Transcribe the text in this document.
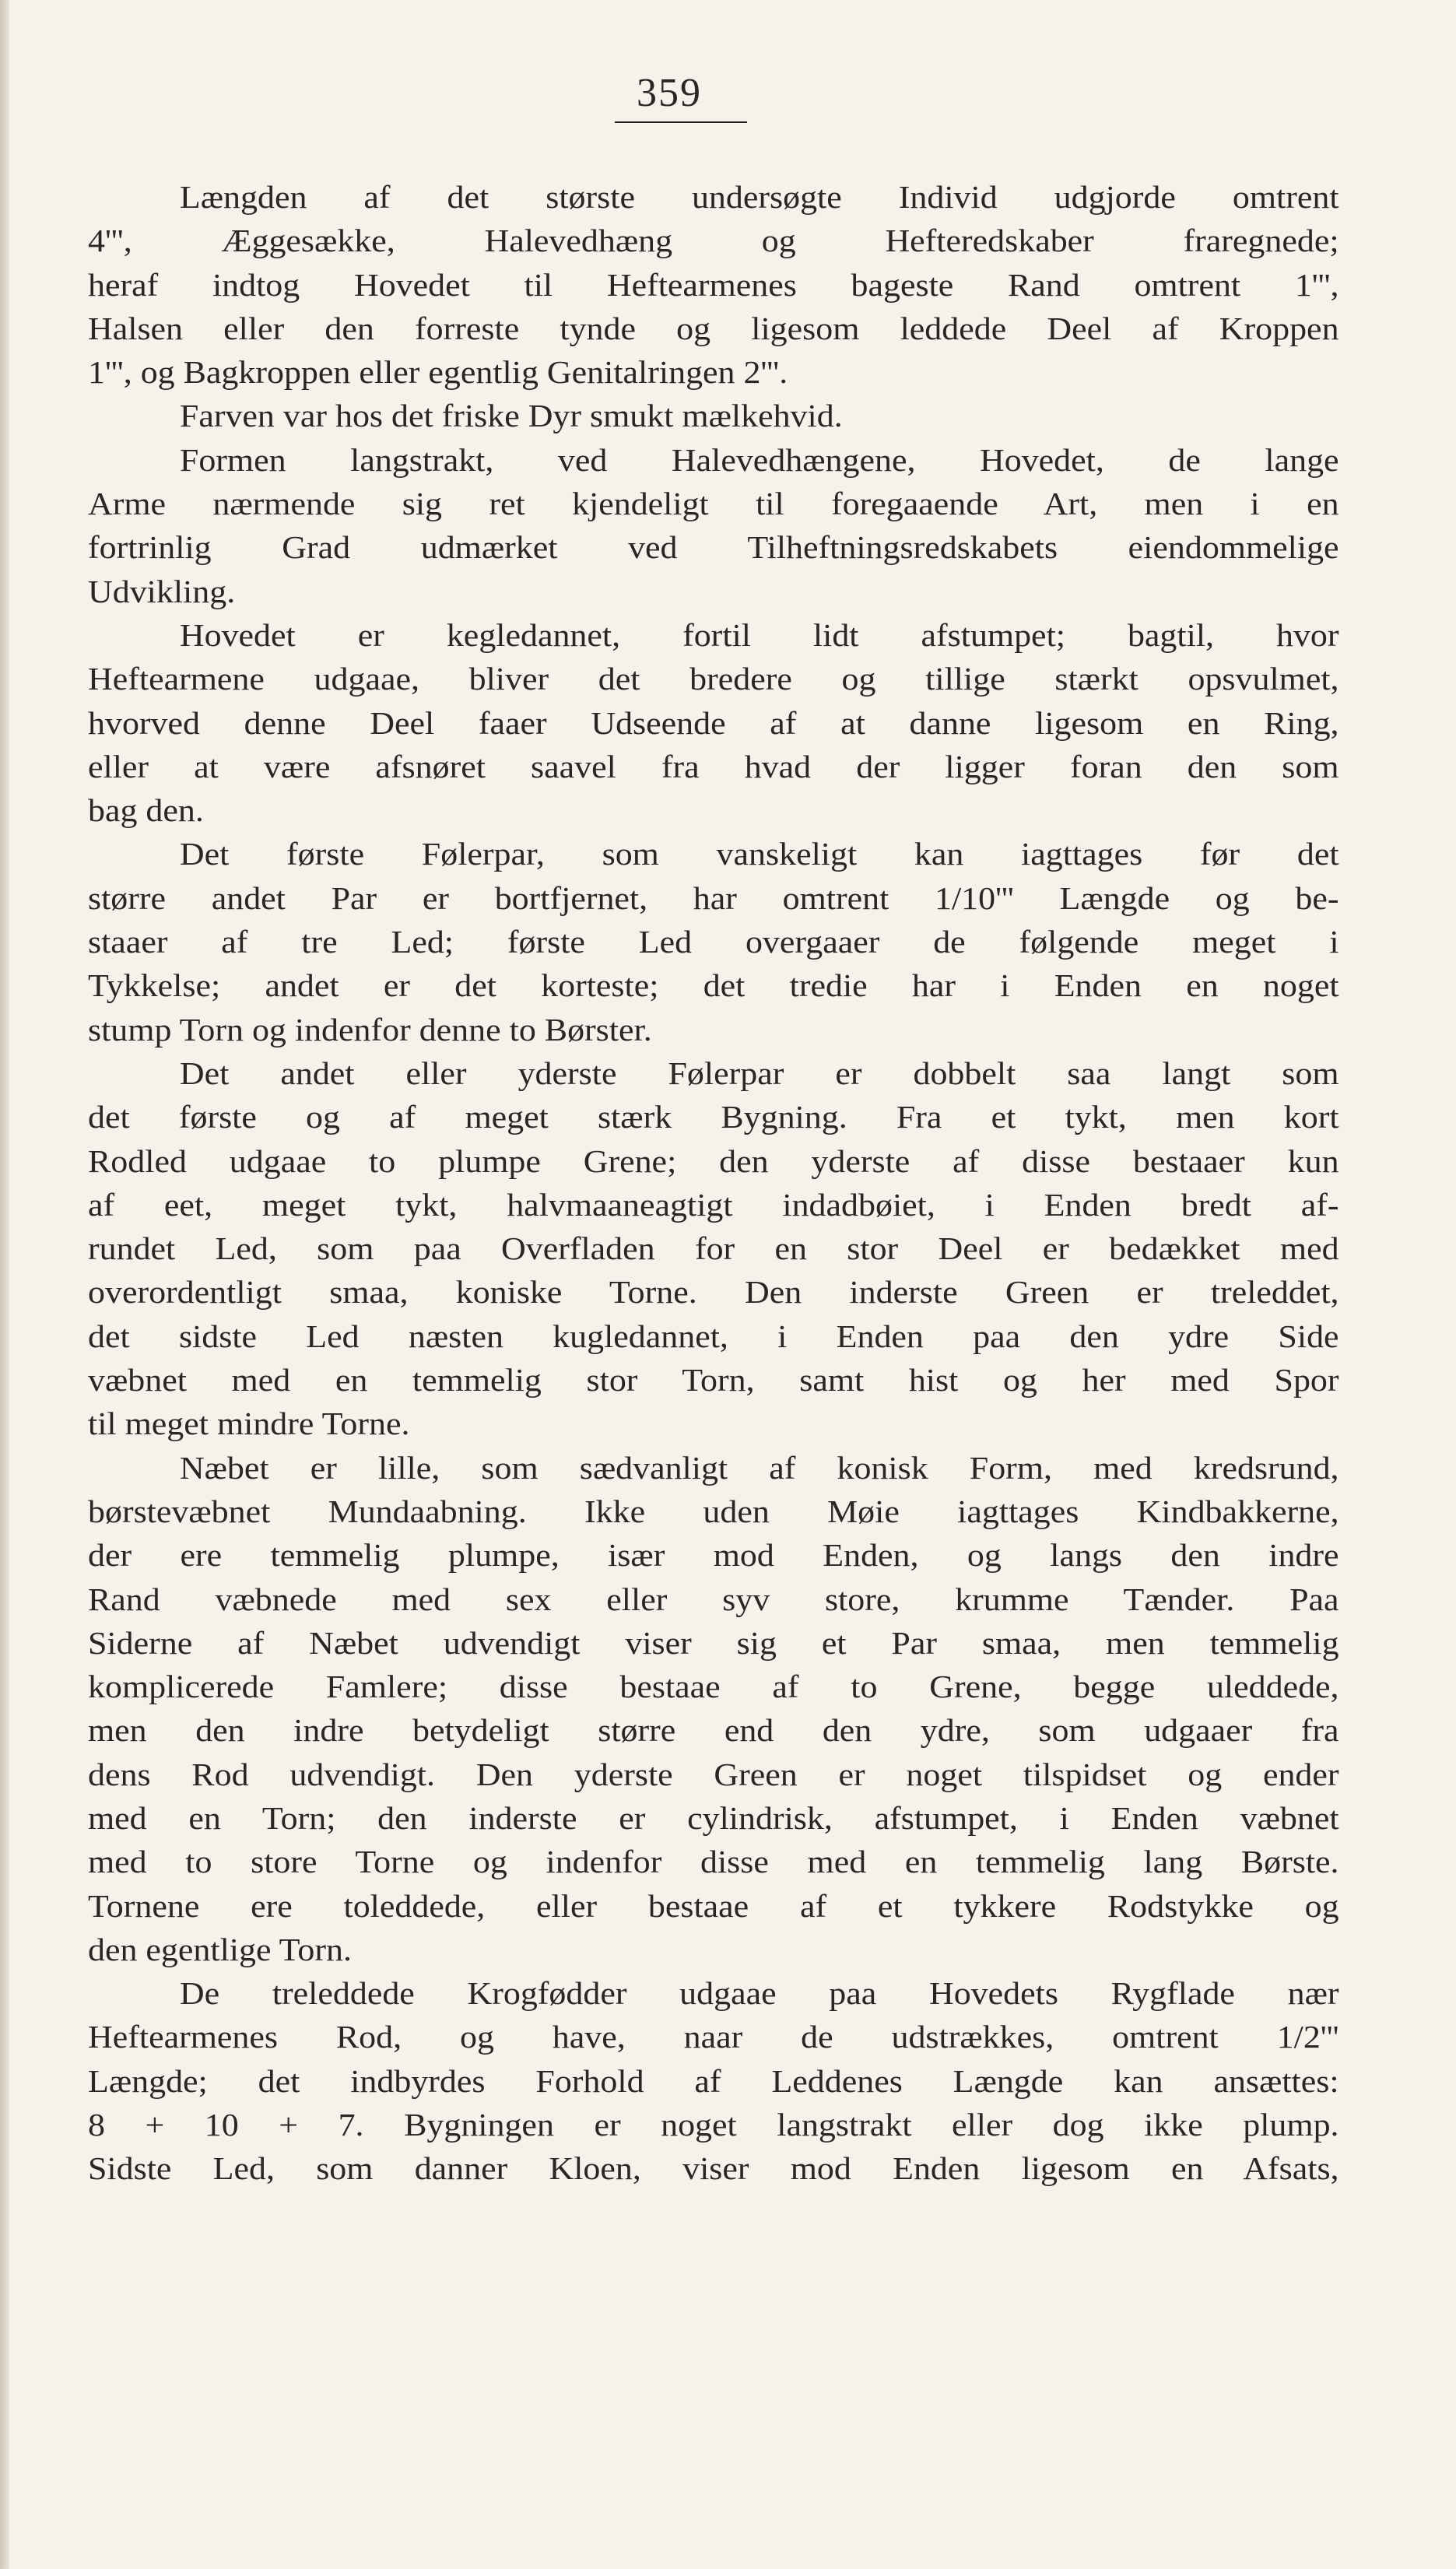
359
Længden af det største undersøgte Individ udgjorde omtrent
4''', Æggesække, Halevedhæng og Hefteredskaber fraregnede;
heraf indtog Hovedet til Heftearmenes bageste Rand omtrent 1''',
Halsen eller den forreste tynde og ligesom leddede Deel af Kroppen
1''', og Bagkroppen eller egentlig Genitalringen 2'''.
Farven var hos det friske Dyr smukt mælkehvid.
Formen langstrakt, ved Halevedhængene, Hovedet, de lange
Arme nærmende sig ret kjendeligt til foregaaende Art, men i en
fortrinlig Grad udmærket ved Tilheftningsredskabets eiendommelige
Udvikling.
Hovedet er kegledannet, fortil lidt afstumpet; bagtil, hvor
Heftearmene udgaae, bliver det bredere og tillige stærkt opsvulmet,
hvorved denne Deel faaer Udseende af at danne ligesom en Ring,
eller at være afsnøret saavel fra hvad der ligger foran den som
bag den.
Det første Følerpar, som vanskeligt kan iagttages før det
større andet Par er bortfjernet, har omtrent 1/10''' Længde og be-
staaer af tre Led; første Led overgaaer de følgende meget i
Tykkelse; andet er det korteste; det tredie har i Enden en noget
stump Torn og indenfor denne to Børster.
Det andet eller yderste Følerpar er dobbelt saa langt som
det første og af meget stærk Bygning. Fra et tykt, men kort
Rodled udgaae to plumpe Grene; den yderste af disse bestaaer kun
af eet, meget tykt, halvmaaneagtigt indadbøiet, i Enden bredt af-
rundet Led, som paa Overfladen for en stor Deel er bedækket med
overordentligt smaa, koniske Torne. Den inderste Green er treleddet,
det sidste Led næsten kugledannet, i Enden paa den ydre Side
væbnet med en temmelig stor Torn, samt hist og her med Spor
til meget mindre Torne.
Næbet er lille, som sædvanligt af konisk Form, med kredsrund,
børstevæbnet Mundaabning. Ikke uden Møie iagttages Kindbakkerne,
der ere temmelig plumpe, især mod Enden, og langs den indre
Rand væbnede med sex eller syv store, krumme Tænder. Paa
Siderne af Næbet udvendigt viser sig et Par smaa, men temmelig
komplicerede Famlere; disse bestaae af to Grene, begge uleddede,
men den indre betydeligt større end den ydre, som udgaaer fra
dens Rod udvendigt. Den yderste Green er noget tilspidset og ender
med en Torn; den inderste er cylindrisk, afstumpet, i Enden væbnet
med to store Torne og indenfor disse med en temmelig lang Børste.
Tornene ere toleddede, eller bestaae af et tykkere Rodstykke og
den egentlige Torn.
De treleddede Krogfødder udgaae paa Hovedets Rygflade nær
Heftearmenes Rod, og have, naar de udstrækkes, omtrent 1/2'''
Længde; det indbyrdes Forhold af Leddenes Længde kan ansættes:
8 + 10 + 7. Bygningen er noget langstrakt eller dog ikke plump.
Sidste Led, som danner Kloen, viser mod Enden ligesom en Afsats,
